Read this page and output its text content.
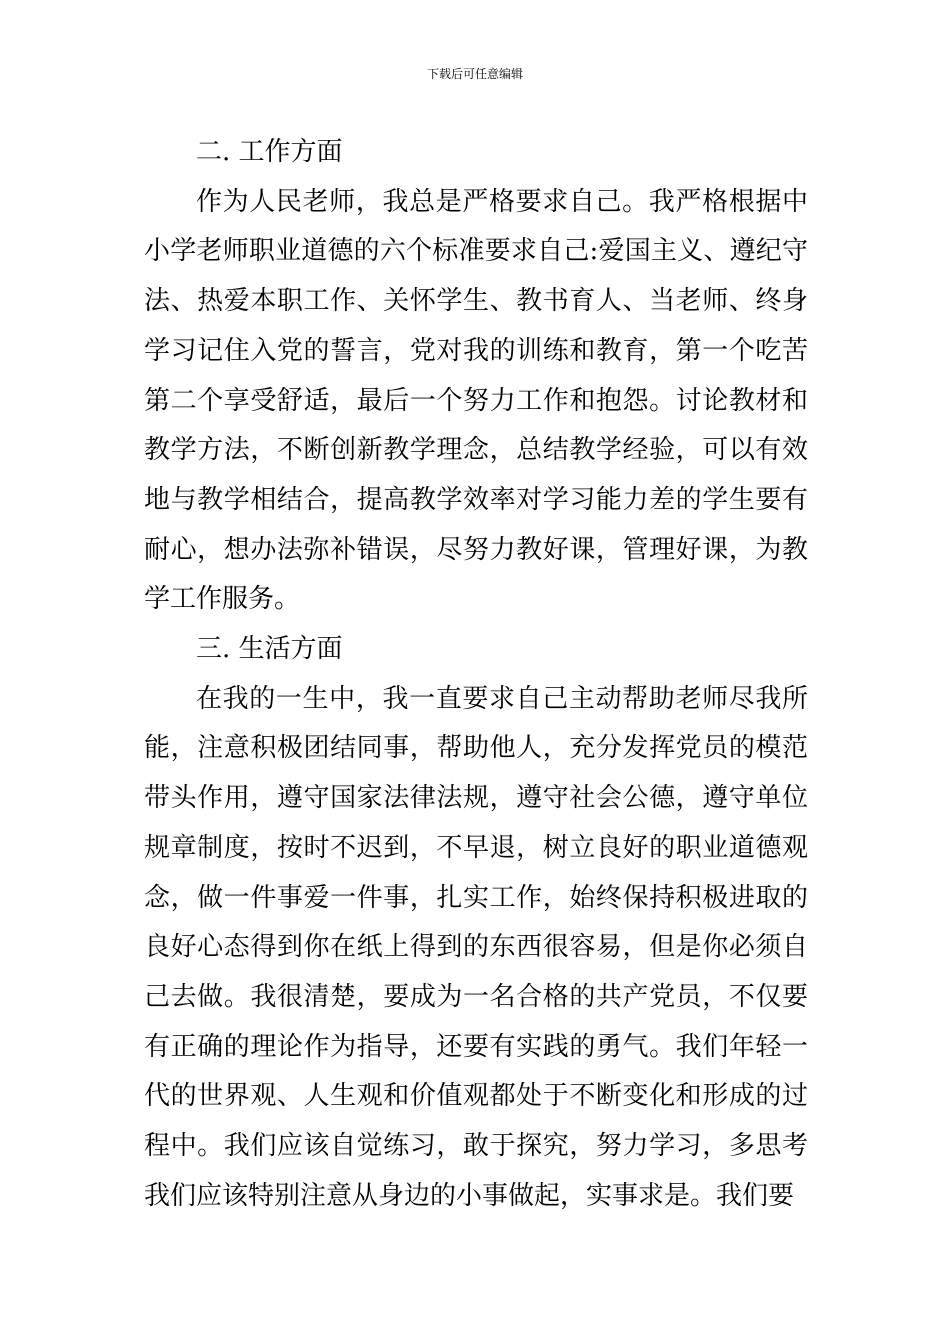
下载后可任意编辑

二. 工作方面

作为人民老师，我总是严格要求自己。我严格根据中小学老师职业道德的六个标准要求自己:爱国主义、遵纪守法、热爱本职工作、关怀学生、教书育人、当老师、终身学习记住入党的誓言，党对我的训练和教育，第一个吃苦第二个享受舒适，最后一个努力工作和抱怨。讨论教材和教学方法，不断创新教学理念，总结教学经验，可以有效地与教学相结合，提高教学效率对学习能力差的学生要有耐心，想办法弥补错误，尽努力教好课，管理好课，为教学工作服务。

三. 生活方面

在我的一生中，我一直要求自己主动帮助老师尽我所能，注意积极团结同事，帮助他人，充分发挥党员的模范带头作用，遵守国家法律法规，遵守社会公德，遵守单位规章制度，按时不迟到，不早退，树立良好的职业道德观念，做一件事爱一件事，扎实工作，始终保持积极进取的良好心态得到你在纸上得到的东西很容易，但是你必须自己去做。我很清楚，要成为一名合格的共产党员，不仅要有正确的理论作为指导，还要有实践的勇气。我们年轻一代的世界观、人生观和价值观都处于不断变化和形成的过程中。我们应该自觉练习，敢于探究，努力学习，多思考我们应该特别注意从身边的小事做起，实事求是。我们要
